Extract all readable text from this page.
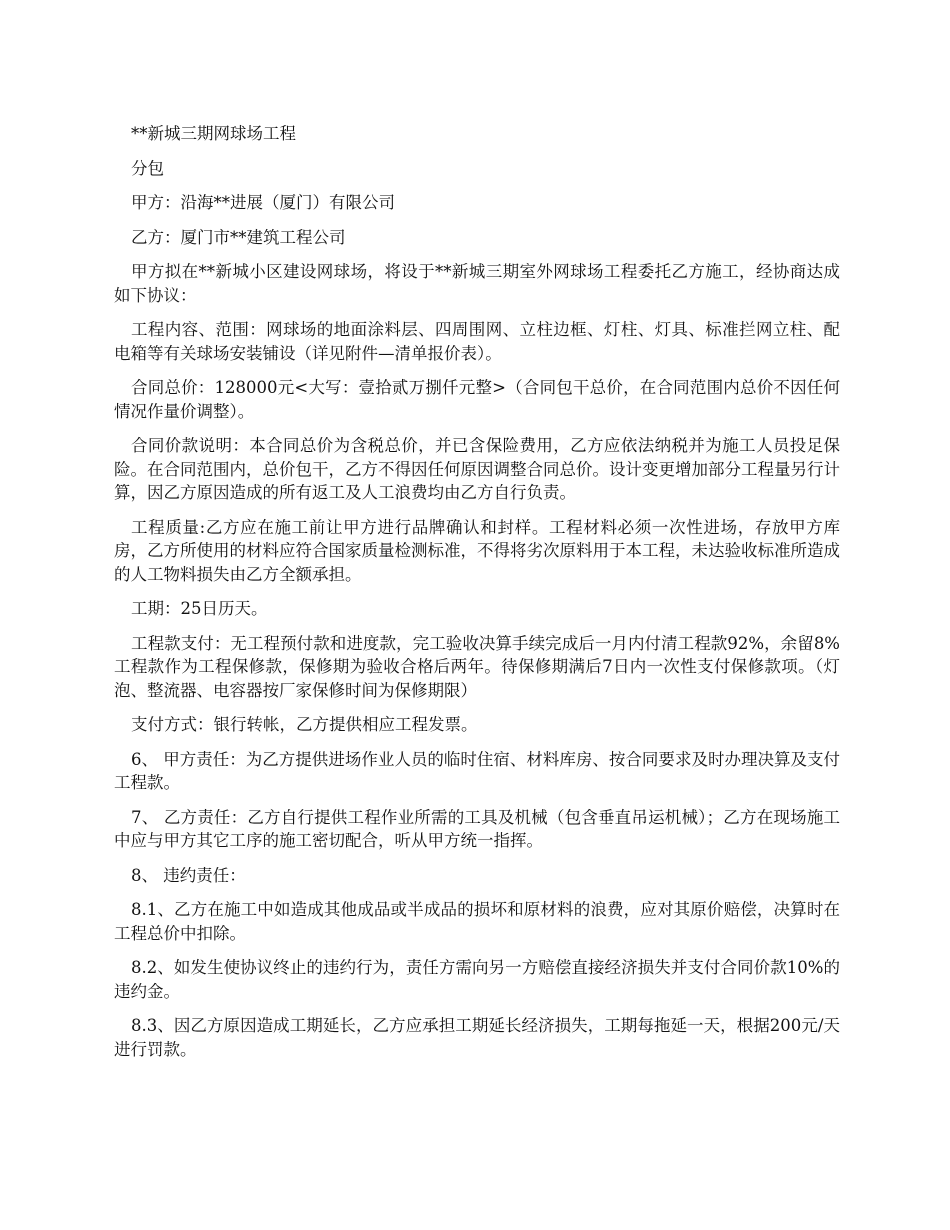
**新城三期网球场工程

分包

甲方：沿海**进展（厦门）有限公司

乙方：厦门市**建筑工程公司

甲方拟在**新城小区建设网球场，将设于**新城三期室外网球场工程委托乙方施工，经协商达成如下协议：

工程内容、范围：网球场的地面涂料层、四周围网、立柱边框、灯柱、灯具、标准拦网立柱、配电箱等有关球场安装铺设（详见附件—清单报价表）。

合同总价：128000元<大写：壹拾贰万捌仟元整>（合同包干总价，在合同范围内总价不因任何情况作量价调整）。

合同价款说明：本合同总价为含税总价，并已含保险费用，乙方应依法纳税并为施工人员投足保险。在合同范围内，总价包干，乙方不得因任何原因调整合同总价。设计变更增加部分工程量另行计算，因乙方原因造成的所有返工及人工浪费均由乙方自行负责。

工程质量:乙方应在施工前让甲方进行品牌确认和封样。工程材料必须一次性进场，存放甲方库房，乙方所使用的材料应符合国家质量检测标准，不得将劣次原料用于本工程，未达验收标准所造成的人工物料损失由乙方全额承担。

工期：25日历天。

工程款支付：无工程预付款和进度款，完工验收决算手续完成后一月内付清工程款92%，余留8%工程款作为工程保修款，保修期为验收合格后两年。待保修期满后7日内一次性支付保修款项。（灯泡、整流器、电容器按厂家保修时间为保修期限）

支付方式：银行转帐，乙方提供相应工程发票。

6、 甲方责任：为乙方提供进场作业人员的临时住宿、材料库房、按合同要求及时办理决算及支付工程款。

7、 乙方责任：乙方自行提供工程作业所需的工具及机械（包含垂直吊运机械）；乙方在现场施工中应与甲方其它工序的施工密切配合，听从甲方统一指挥。

8、 违约责任：

8.1、乙方在施工中如造成其他成品或半成品的损坏和原材料的浪费，应对其原价赔偿，决算时在工程总价中扣除。

8.2、如发生使协议终止的违约行为，责任方需向另一方赔偿直接经济损失并支付合同价款10%的违约金。

8.3、因乙方原因造成工期延长，乙方应承担工期延长经济损失，工期每拖延一天，根据200元/天进行罚款。
